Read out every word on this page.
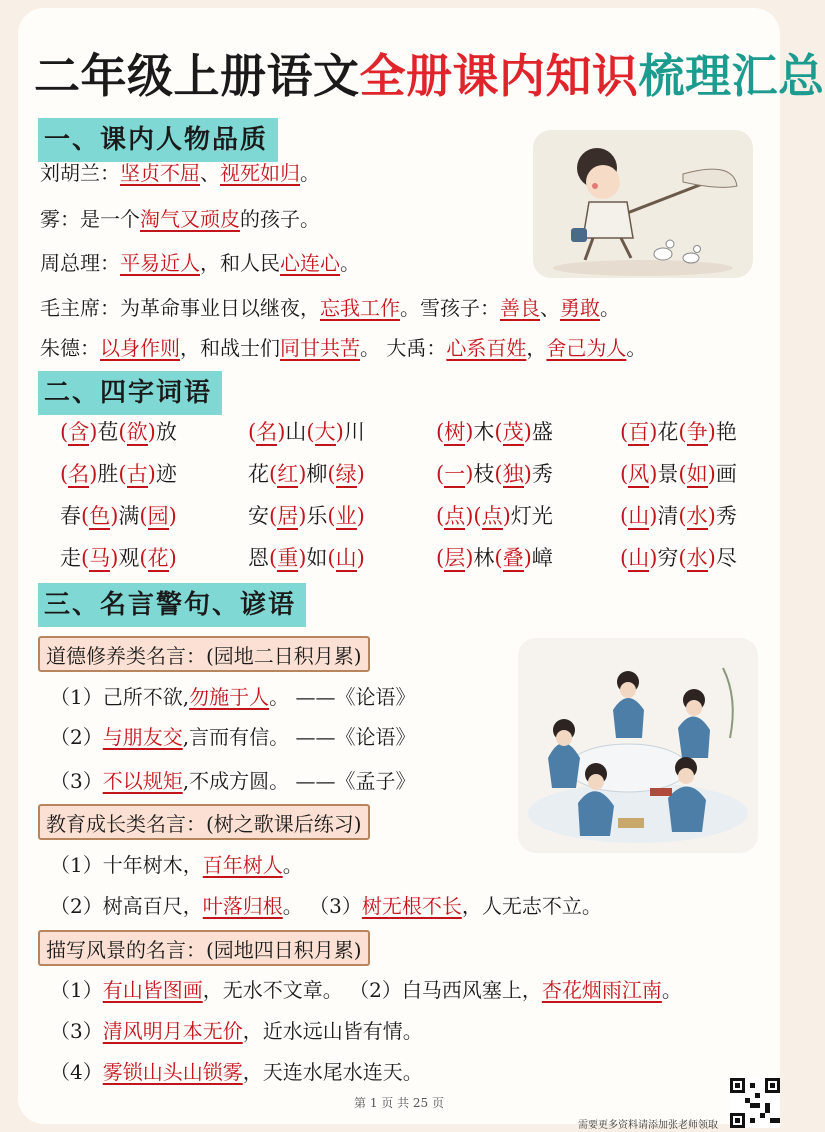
二年级上册语文全册课内知识梳理汇总
一、课内人物品质
刘胡兰：坚贞不屈、视死如归。
雾：是一个淘气又顽皮的孩子。
周总理：平易近人，和人民心连心。
毛主席：为革命事业日以继夜，忘我工作。雪孩子：善良、勇敢。
朱德：以身作则，和战士们同甘共苦。 大禹：心系百姓，舍己为人。
二、四字词语
(含)苞(欲)放	(名)山(大)川	(树)木(茂)盛	(百)花(争)艳
(名)胜(古)迹	花(红)柳(绿)	(一)枝(独)秀	(风)景(如)画
春(色)满(园)	安(居)乐(业)	(点)(点)灯光	(山)清(水)秀
走(马)观(花)	恩(重)如(山)	(层)林(叠)嶂	(山)穷(水)尽
三、名言警句、谚语
道德修养类名言：(园地二日积月累)
（1）己所不欲,勿施于人。 ——《论语》
（2）与朋友交,言而有信。 ——《论语》
（3）不以规矩,不成方圆。 ——《孟子》
教育成长类名言：(树之歌课后练习)
（1）十年树木，百年树人。
（2）树高百尺，叶落归根。 （3）树无根不长，人无志不立。
描写风景的名言：(园地四日积月累)
（1）有山皆图画，无水不文章。 （2）白马西风塞上，杏花烟雨江南。
（3）清风明月本无价，近水远山皆有情。
（4）雾锁山头山锁雾，天连水尾水连天。
第 1 页 共 25 页
需要更多资料请添加张老师领取
